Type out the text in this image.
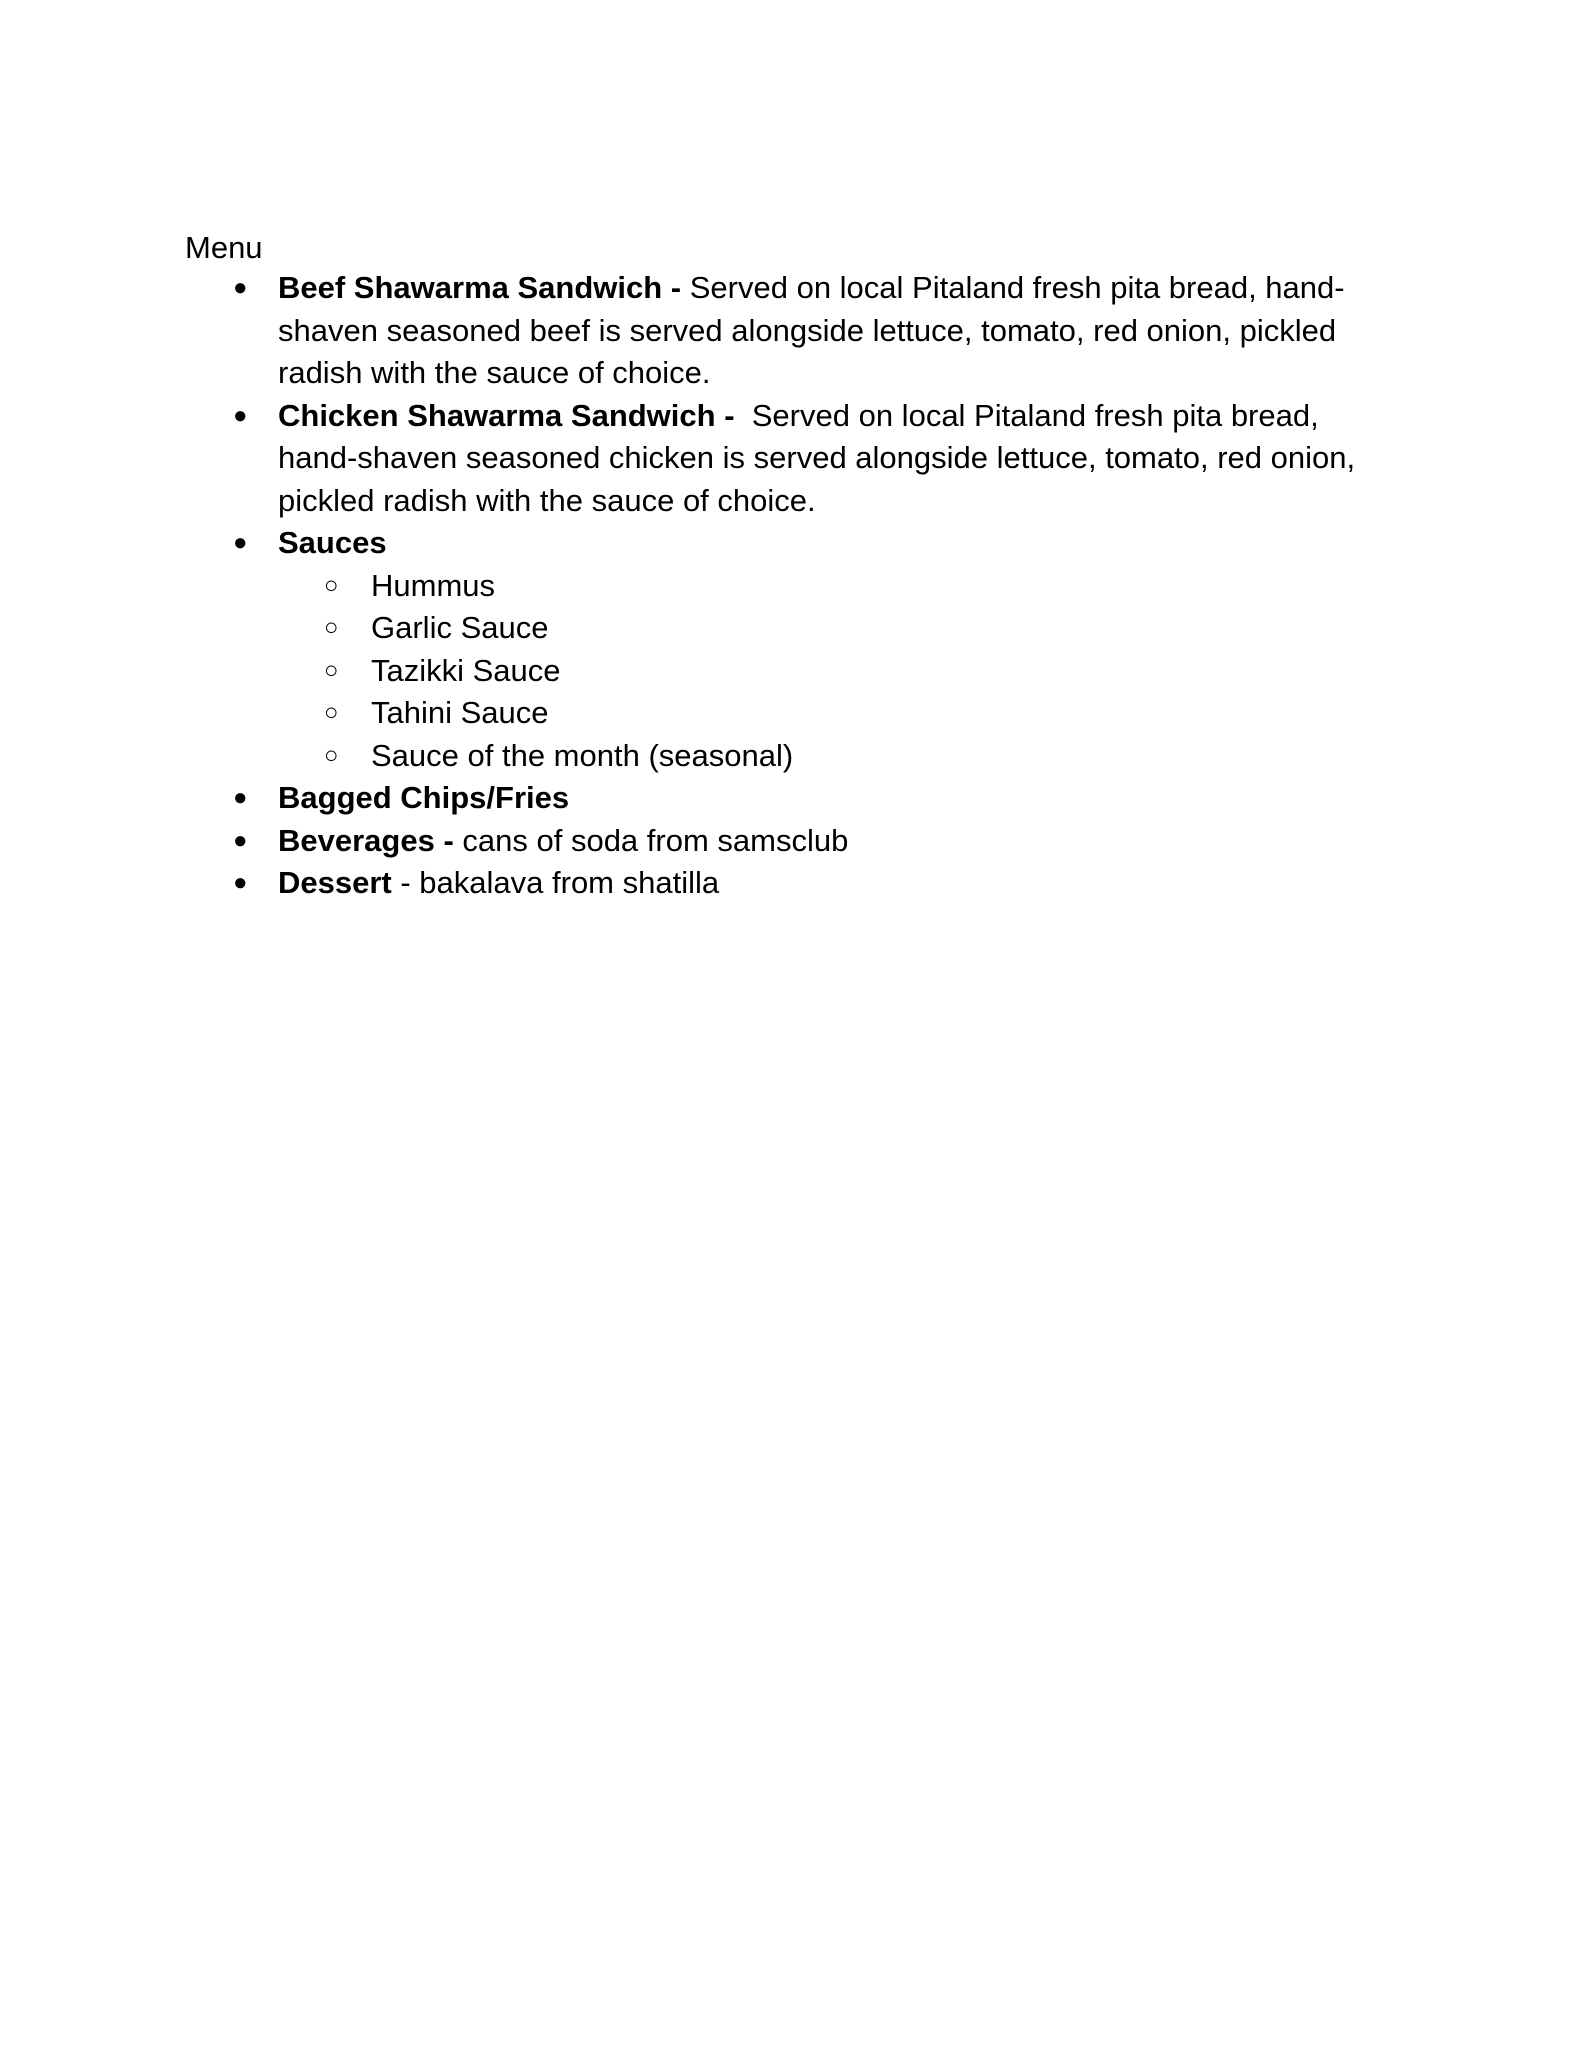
Menu

● Beef Shawarma Sandwich - Served on local Pitaland fresh pita bread, hand-shaven seasoned beef is served alongside lettuce, tomato, red onion, pickled radish with the sauce of choice.
● Chicken Shawarma Sandwich -  Served on local Pitaland fresh pita bread, hand-shaven seasoned chicken is served alongside lettuce, tomato, red onion, pickled radish with the sauce of choice.
● Sauces
○ Hummus
○ Garlic Sauce
○ Tazikki Sauce
○ Tahini Sauce
○ Sauce of the month (seasonal)
● Bagged Chips/Fries
● Beverages - cans of soda from samsclub
● Dessert - bakalava from shatilla
